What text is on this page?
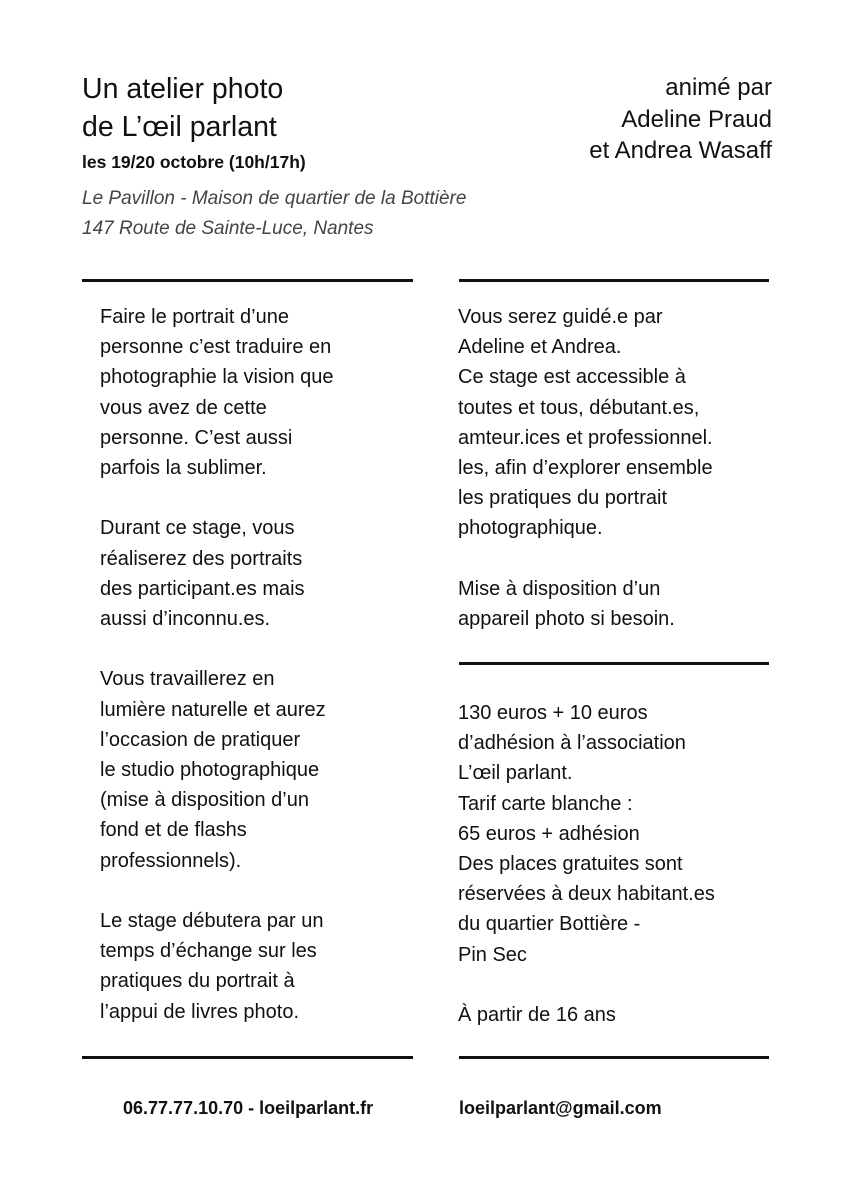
Un atelier photo
de L’œil parlant
les 19/20 octobre (10h/17h)
Le Pavillon - Maison de quartier de la Bottière
147 Route de Sainte-Luce, Nantes
animé par
Adeline Praud
et Andrea Wasaff

Faire le portrait d’une
personne c’est traduire en
photographie la vision que
vous avez de cette
personne. C’est aussi
parfois la sublimer.

Durant ce stage, vous
réaliserez des portraits
des participant.es mais
aussi d’inconnu.es.

Vous travaillerez en
lumière naturelle et aurez
l’occasion de pratiquer
le studio photographique
(mise à disposition d’un
fond et de flashs
professionnels).

Le stage débutera par un
temps d’échange sur les
pratiques du portrait à
l’appui de livres photo.

Vous serez guidé.e par
Adeline et Andrea.
Ce stage est accessible à
toutes et tous, débutant.es,
amteur.ices et professionnel.
les, afin d’explorer ensemble
les pratiques du portrait
photographique.

Mise à disposition d’un
appareil photo si besoin.

130 euros + 10 euros
d’adhésion à l’association
L’œil parlant.
Tarif carte blanche :
65 euros + adhésion
Des places gratuites sont
réservées à deux habitant.es
du quartier Bottière -
Pin Sec

À partir de 16 ans

06.77.77.10.70 - loeilparlant.fr	loeilparlant@gmail.com
